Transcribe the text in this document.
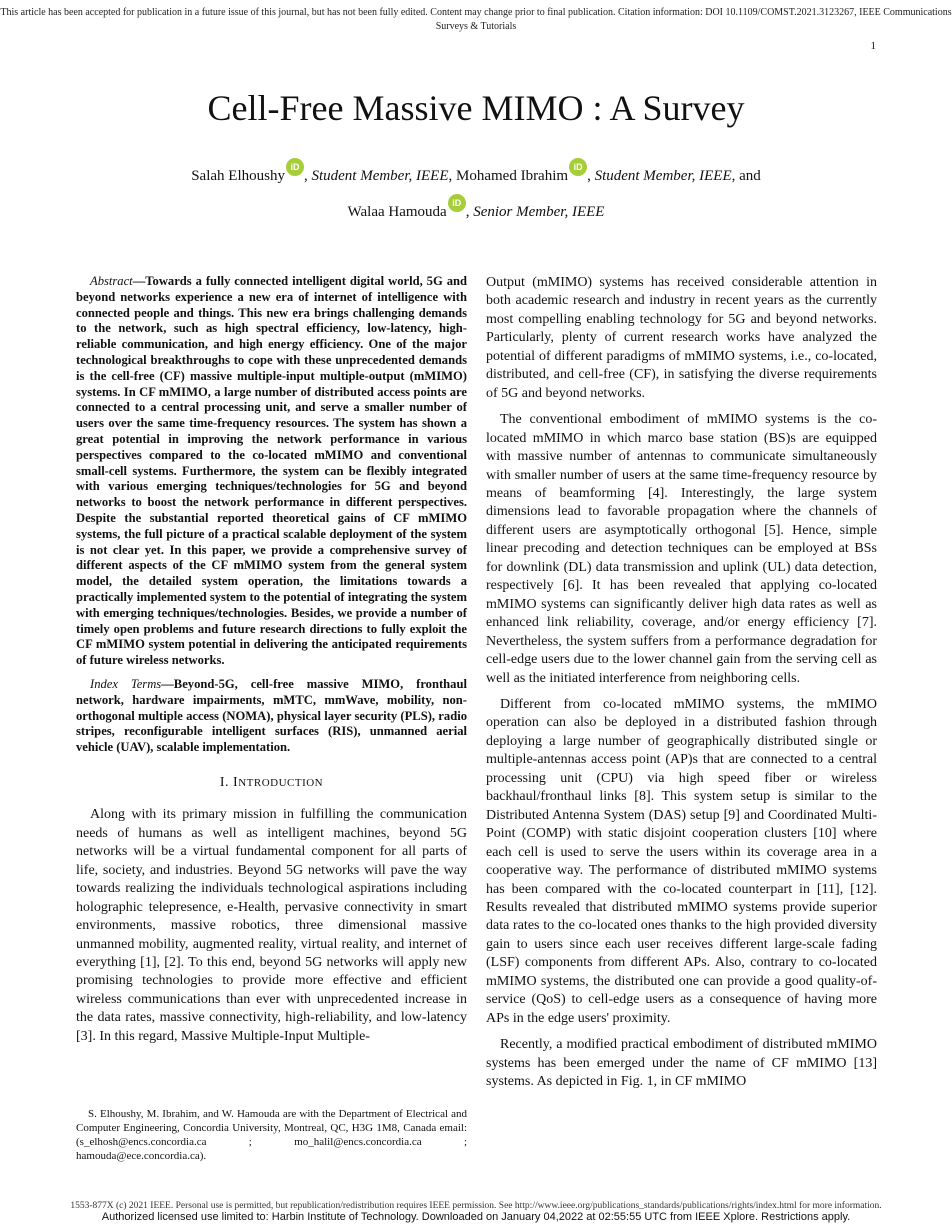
This article has been accepted for publication in a future issue of this journal, but has not been fully edited. Content may change prior to final publication. Citation information: DOI 10.1109/COMST.2021.3123267, IEEE Communications Surveys & Tutorials
1
Cell-Free Massive MIMO : A Survey
Salah ElhoushyiD, Student Member, IEEE, Mohamed IbrahimiD, Student Member, IEEE, and
Walaa HamoudaiD, Senior Member, IEEE

Abstract—Towards a fully connected intelligent digital world, 5G and beyond networks experience a new era of internet of intelligence with connected people and things. This new era brings challenging demands to the network, such as high spectral efficiency, low-latency, high-reliable communication, and high energy efficiency. One of the major technological breakthroughs to cope with these unprecedented demands is the cell-free (CF) massive multiple-input multiple-output (mMIMO) systems. In CF mMIMO, a large number of distributed access points are connected to a central processing unit, and serve a smaller number of users over the same time-frequency resources. The system has shown a great potential in improving the network performance in various perspectives compared to the co-located mMIMO and conventional small-cell systems. Furthermore, the system can be flexibly integrated with various emerging techniques/technologies for 5G and beyond networks to boost the network performance in different perspectives. Despite the substantial reported theoretical gains of CF mMIMO systems, the full picture of a practical scalable deployment of the system is not clear yet. In this paper, we provide a comprehensive survey of different aspects of the CF mMIMO system from the general system model, the detailed system operation, the limitations towards a practically implemented system to the potential of integrating the system with emerging techniques/technologies. Besides, we provide a number of timely open problems and future research directions to fully exploit the CF mMIMO system potential in delivering the anticipated requirements of future wireless networks.

Index Terms—Beyond-5G, cell-free massive MIMO, fronthaul network, hardware impairments, mMTC, mmWave, mobility, non-orthogonal multiple access (NOMA), physical layer security (PLS), radio stripes, reconfigurable intelligent surfaces (RIS), unmanned aerial vehicle (UAV), scalable implementation.

I. INTRODUCTION

Along with its primary mission in fulfilling the communication needs of humans as well as intelligent machines, beyond 5G networks will be a virtual fundamental component for all parts of life, society, and industries. Beyond 5G networks will pave the way towards realizing the individuals technological aspirations including holographic telepresence, e-Health, pervasive connectivity in smart environments, massive robotics, three dimensional massive unmanned mobility, augmented reality, virtual reality, and internet of everything [1], [2]. To this end, beyond 5G networks will apply new promising technologies to provide more effective and efficient wireless communications than ever with unprecedented increase in the data rates, massive connectivity, high-reliability, and low-latency [3]. In this regard, Massive Multiple-Input Multiple-

S. Elhoushy, M. Ibrahim, and W. Hamouda are with the Department of Electrical and Computer Engineering, Concordia University, Montreal, QC, H3G 1M8, Canada email: (s_elhosh@encs.concordia.ca ; mo_halil@encs.concordia.ca ; hamouda@ece.concordia.ca).

Output (mMIMO) systems has received considerable attention in both academic research and industry in recent years as the currently most compelling enabling technology for 5G and beyond networks. Particularly, plenty of current research works have analyzed the potential of different paradigms of mMIMO systems, i.e., co-located, distributed, and cell-free (CF), in satisfying the diverse requirements of 5G and beyond networks.

The conventional embodiment of mMIMO systems is the co-located mMIMO in which marco base station (BS)s are equipped with massive number of antennas to communicate simultaneously with smaller number of users at the same time-frequency resource by means of beamforming [4]. Interestingly, the large system dimensions lead to favorable propagation where the channels of different users are asymptotically orthogonal [5]. Hence, simple linear precoding and detection techniques can be employed at BSs for downlink (DL) data transmission and uplink (UL) data detection, respectively [6]. It has been revealed that applying co-located mMIMO systems can significantly deliver high data rates as well as enhanced link reliability, coverage, and/or energy efficiency [7]. Nevertheless, the system suffers from a performance degradation for cell-edge users due to the lower channel gain from the serving cell as well as the initiated interference from neighboring cells.

Different from co-located mMIMO systems, the mMIMO operation can also be deployed in a distributed fashion through deploying a large number of geographically distributed single or multiple-antennas access point (AP)s that are connected to a central processing unit (CPU) via high speed fiber or wireless backhaul/fronthaul links [8]. This system setup is similar to the Distributed Antenna System (DAS) setup [9] and Coordinated Multi-Point (COMP) with static disjoint cooperation clusters [10] where each cell is used to serve the users within its coverage area in a cooperative way. The performance of distributed mMIMO systems has been compared with the co-located counterpart in [11], [12]. Results revealed that distributed mMIMO systems provide superior data rates to the co-located ones thanks to the high provided diversity gain to users since each user receives different large-scale fading (LSF) components from different APs. Also, contrary to co-located mMIMO systems, the distributed one can provide a good quality-of-service (QoS) to cell-edge users as a consequence of having more APs in the edge users' proximity.

Recently, a modified practical embodiment of distributed mMIMO systems has been emerged under the name of CF mMIMO [13] systems. As depicted in Fig. 1, in CF mMIMO

1553-877X (c) 2021 IEEE. Personal use is permitted, but republication/redistribution requires IEEE permission. See http://www.ieee.org/publications_standards/publications/rights/index.html for more information.
Authorized licensed use limited to: Harbin Institute of Technology. Downloaded on January 04,2022 at 02:55:55 UTC from IEEE Xplore. Restrictions apply.
